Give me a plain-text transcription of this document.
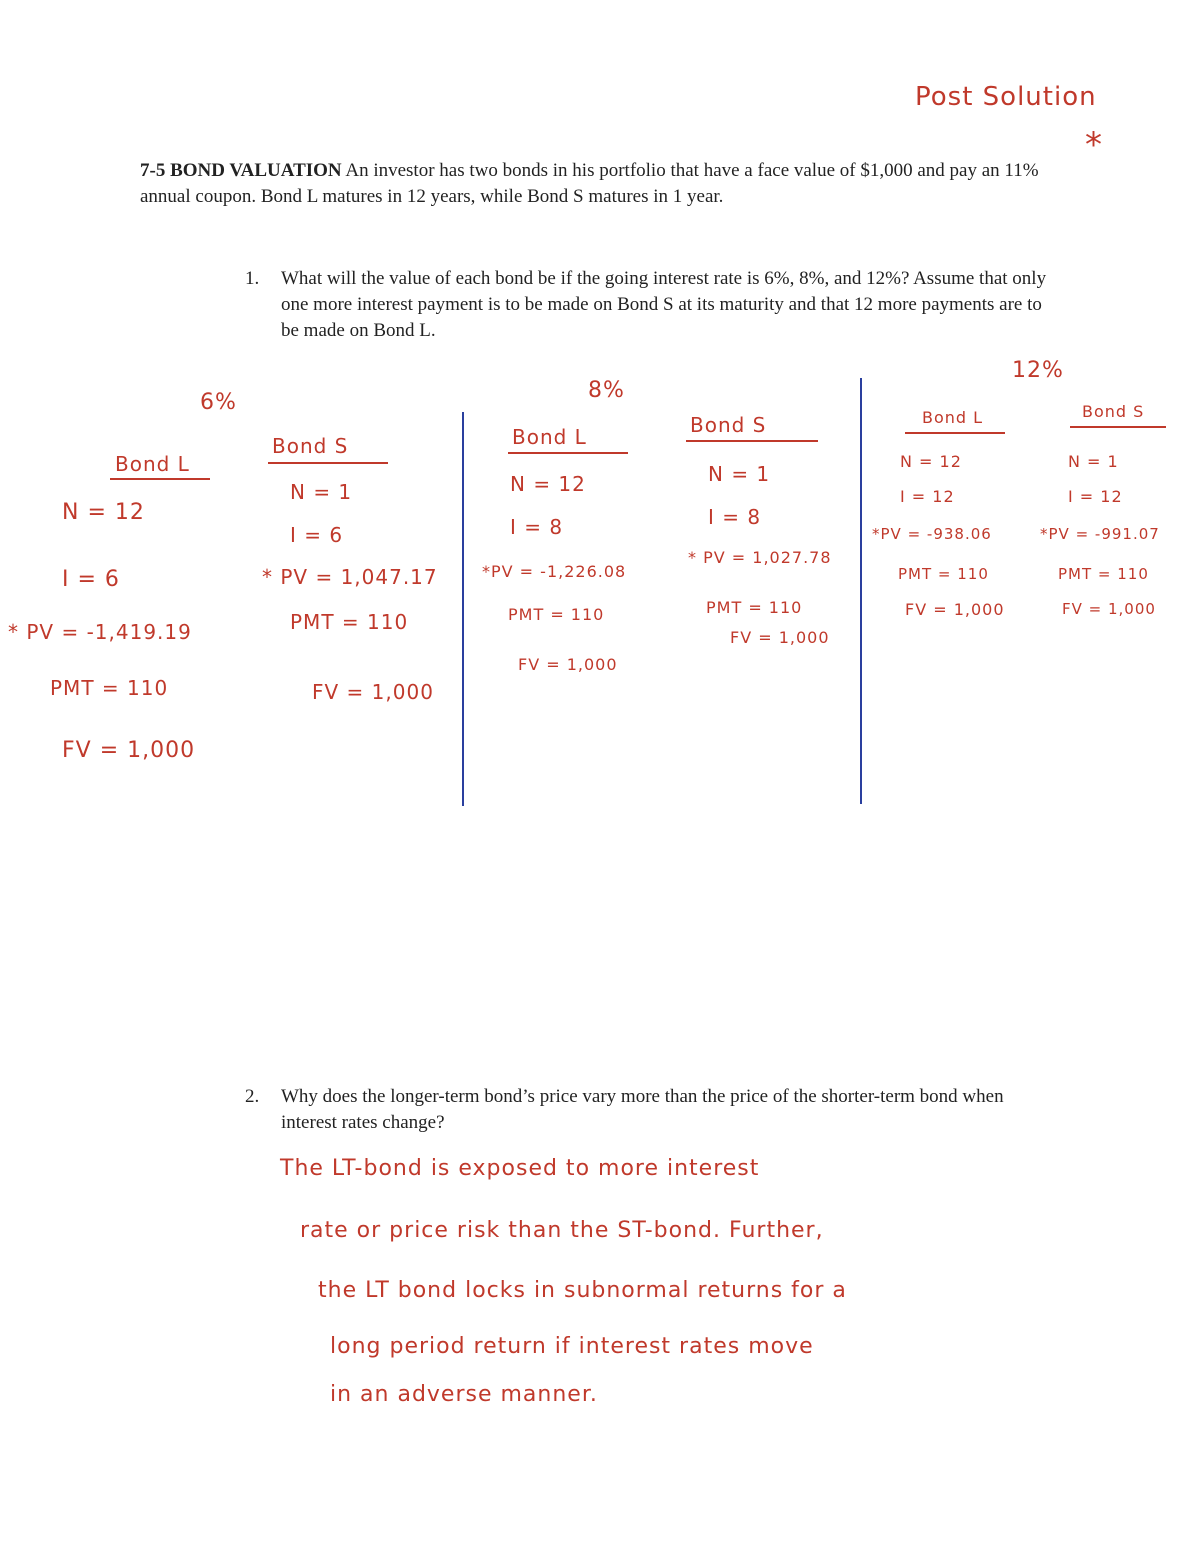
Post Solution
*
7-5 BOND VALUATION An investor has two bonds in his portfolio that have a face value of $1,000 and pay an 11% annual coupon. Bond L matures in 12 years, while Bond S matures in 1 year.
1. What will the value of each bond be if the going interest rate is 6%, 8%, and 12%? Assume that only one more interest payment is to be made on Bond S at its maturity and that 12 more payments are to be made on Bond L.
6%	8%
12%
Bond L
N = 12
I = 6
* PV = -1,419.19
PMT = 110
FV = 1,000
Bond S
N = 1
I = 6
* PV = 1,047.17
PMT = 110
FV = 1,000
Bond L
N = 12
I = 8
*PV = -1,226.08
PMT = 110
FV = 1,000
Bond S
N = 1
I = 8
* PV = 1,027.78
PMT = 110
FV = 1,000
Bond L
N = 12
I = 12
*PV = -938.06
PMT = 110
FV = 1,000
Bond S
N = 1
I = 12
*PV = -991.07
PMT = 110
FV = 1,000
2. Why does the longer-term bond’s price vary more than the price of the shorter-term bond when interest rates change?
The LT-bond is exposed to more interest
rate or price risk than the ST-bond. Further,
the LT bond locks in subnormal returns for a
long period return if interest rates move
in an adverse manner.
